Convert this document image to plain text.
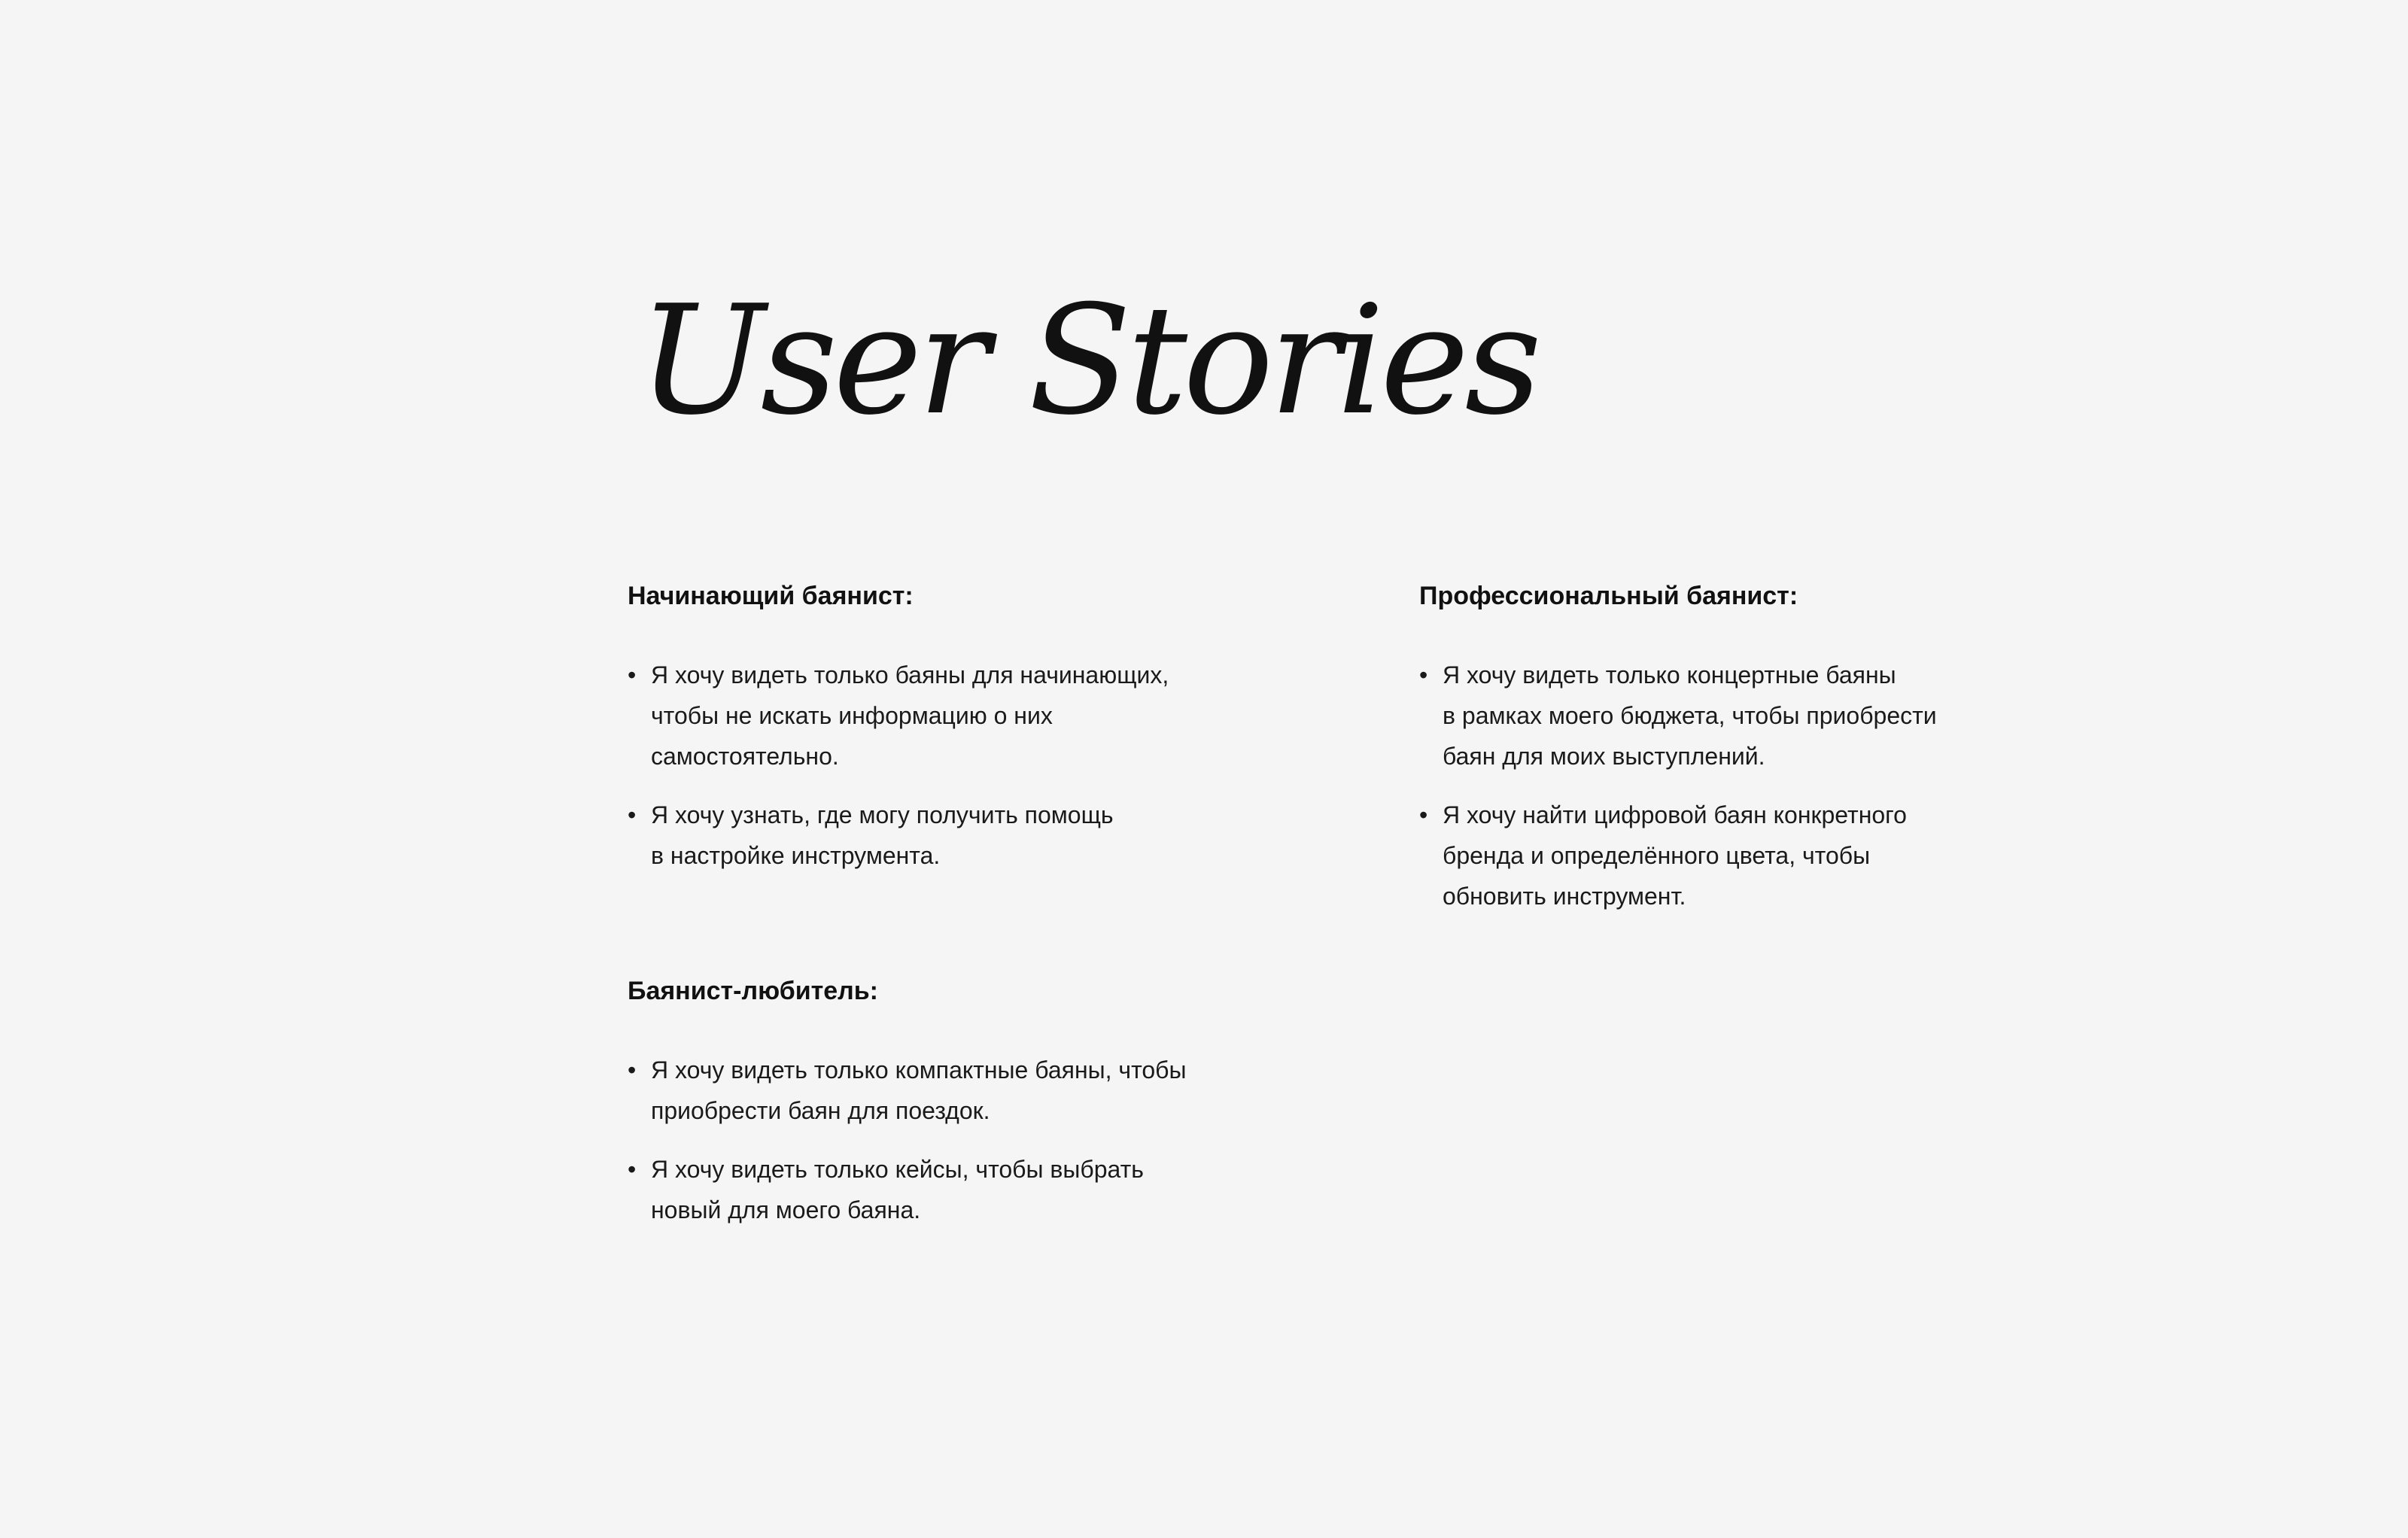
User Stories
Начинающий баянист:
• Я хочу видеть только баяны для начинающих,
чтобы не искать информацию о них
самостоятельно.
• Я хочу узнать, где могу получить помощь
в настройке инструмента.
Профессиональный баянист:
• Я хочу видеть только концертные баяны
в рамках моего бюджета, чтобы приобрести
баян для моих выступлений.
• Я хочу найти цифровой баян конкретного
бренда и определённого цвета, чтобы
обновить инструмент.
Баянист-любитель:
• Я хочу видеть только компактные баяны, чтобы
приобрести баян для поездок.
• Я хочу видеть только кейсы, чтобы выбрать
новый для моего баяна.
